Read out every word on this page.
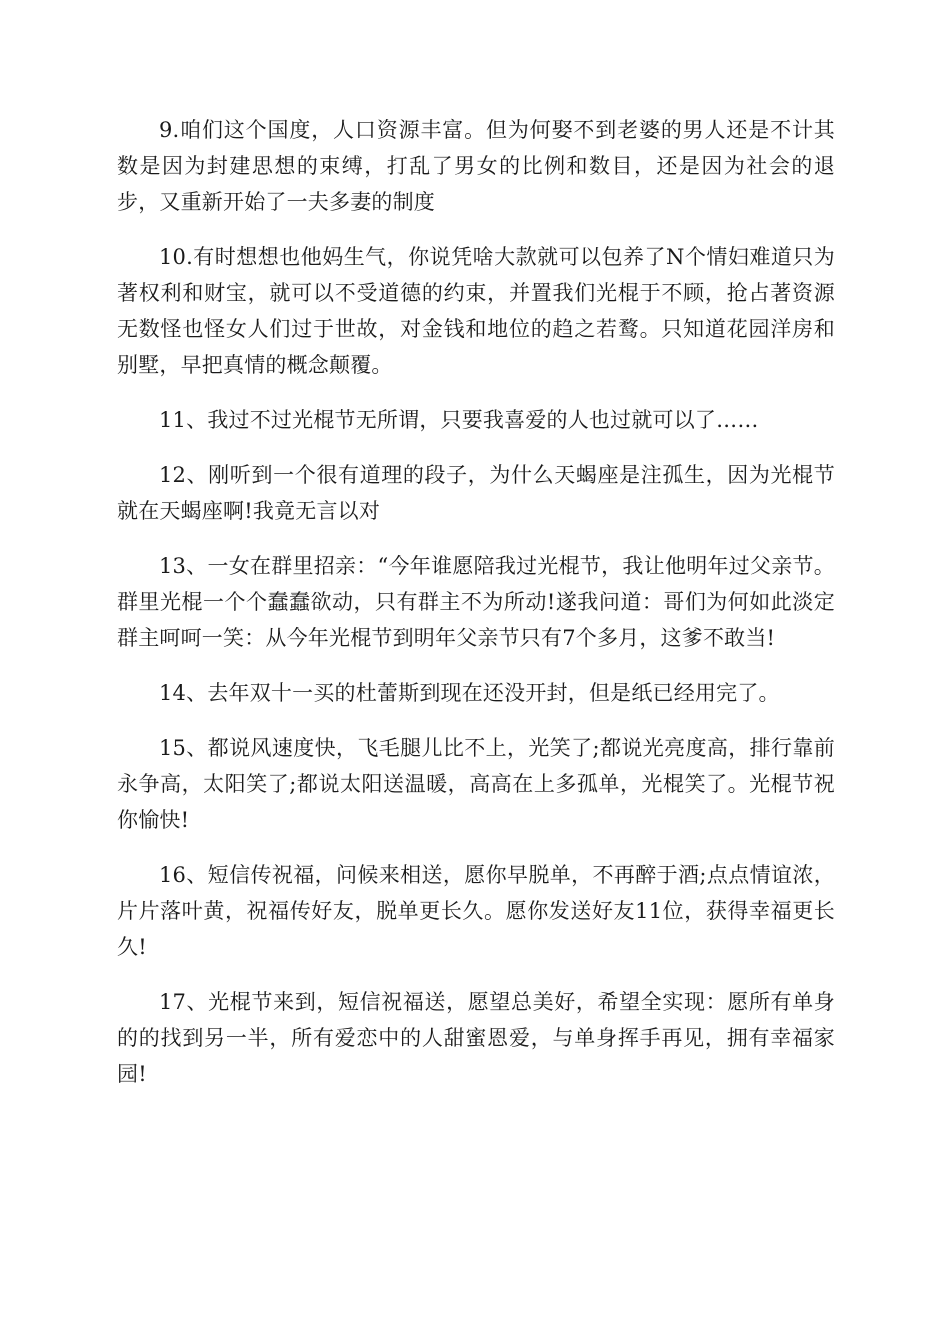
9.咱们这个国度，人口资源丰富。但为何娶不到老婆的男人还是不计其数是因为封建思想的束缚，打乱了男女的比例和数目，还是因为社会的退步，又重新开始了一夫多妻的制度

10.有时想想也他妈生气，你说凭啥大款就可以包养了N个情妇难道只为著权利和财宝，就可以不受道德的约束，并置我们光棍于不顾，抢占著资源无数怪也怪女人们过于世故，对金钱和地位的趋之若鹜。只知道花园洋房和别墅，早把真情的概念颠覆。

11、我过不过光棍节无所谓，只要我喜爱的人也过就可以了……

12、刚听到一个很有道理的段子，为什么天蝎座是注孤生，因为光棍节就在天蝎座啊!我竟无言以对

13、一女在群里招亲：“今年谁愿陪我过光棍节，我让他明年过父亲节。群里光棍一个个蠢蠢欲动，只有群主不为所动!遂我问道：哥们为何如此淡定群主呵呵一笑：从今年光棍节到明年父亲节只有7个多月，这爹不敢当!

14、去年双十一买的杜蕾斯到现在还没开封，但是纸已经用完了。

15、都说风速度快，飞毛腿儿比不上，光笑了;都说光亮度高，排行靠前永争高，太阳笑了;都说太阳送温暖，高高在上多孤单，光棍笑了。光棍节祝你愉快!

16、短信传祝福，问候来相送，愿你早脱单，不再醉于酒;点点情谊浓，片片落叶黄，祝福传好友，脱单更长久。愿你发送好友11位，获得幸福更长久!

17、光棍节来到，短信祝福送，愿望总美好，希望全实现：愿所有单身的的找到另一半，所有爱恋中的人甜蜜恩爱，与单身挥手再见，拥有幸福家园!
